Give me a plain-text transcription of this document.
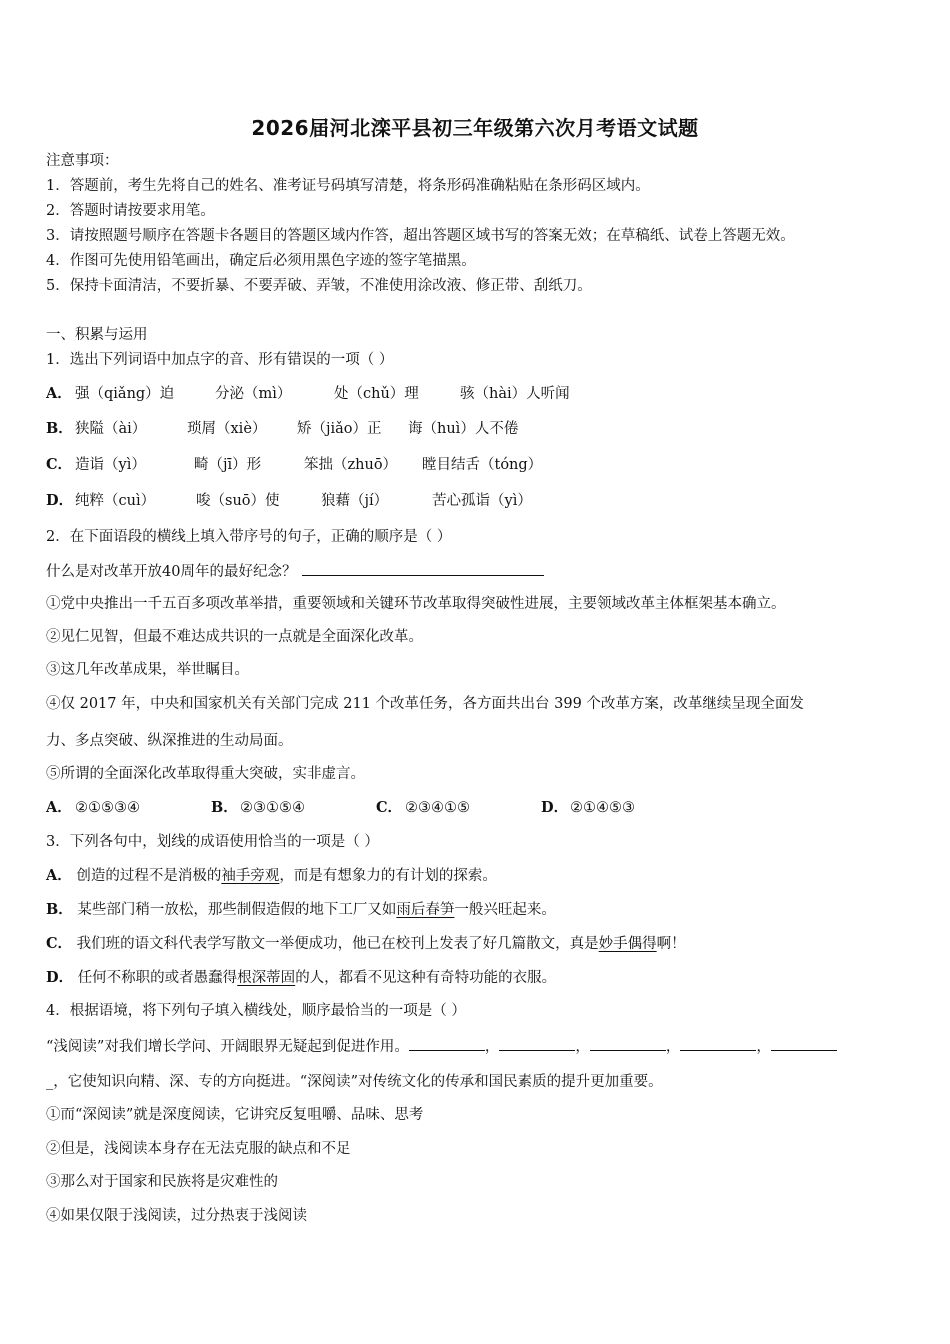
2026届河北滦平县初三年级第六次月考语文试题
注意事项：
1．答题前，考生先将自己的姓名、准考证号码填写清楚，将条形码准确粘贴在条形码区域内。
2．答题时请按要求用笔。
3．请按照题号顺序在答题卡各题目的答题区域内作答，超出答题区域书写的答案无效；在草稿纸、试卷上答题无效。
4．作图可先使用铅笔画出，确定后必须用黑色字迹的签字笔描黑。
5．保持卡面清洁，不要折暴、不要弄破、弄皱，不准使用涂改液、修正带、刮纸刀。
一、积累与运用
1．选出下列词语中加点字的音、形有错误的一项（ ）
A． 强（qiǎng）迫	分泌（mì）	处（chǔ）理	骇（hài）人听闻
B． 狭隘（ài）	琐屑（xiè） 矫（jiǎo）正 诲（huì）人不倦
C． 造诣（yì）	畸（jī）形	笨拙（zhuō） 瞠目结舌（tóng）
D． 纯粹（cuì）	唆（suō）使	狼藉（jí）	苦心孤诣（yì）
2．在下面语段的横线上填入带序号的句子，正确的顺序是（ ）
什么是对改革开放40周年的最好纪念？
①党中央推出一千五百多项改革举措，重要领域和关键环节改革取得突破性进展，主要领域改革主体框架基本确立。
②见仁见智，但最不难达成共识的一点就是全面深化改革。
③这几年改革成果，举世瞩目。
④仅 2017 年，中央和国家机关有关部门完成 211 个改革任务，各方面共出台 399 个改革方案，改革继续呈现全面发
力、多点突破、纵深推进的生动局面。
⑤所谓的全面深化改革取得重大突破，实非虚言。
A． ②①⑤③④	B． ②③①⑤④	C． ②③④①⑤	D． ②①④⑤③
3．下列各句中，划线的成语使用恰当的一项是（ ）
A． 创造的过程不是消极的袖手旁观，而是有想象力的有计划的探索。
B． 某些部门稍一放松，那些制假造假的地下工厂又如雨后春笋一般兴旺起来。
C． 我们班的语文科代表学写散文一举便成功，他已在校刊上发表了好几篇散文，真是妙手偶得啊！
D． 任何不称职的或者愚蠢得根深蒂固的人，都看不见这种有奇特功能的衣服。
4．根据语境，将下列句子填入横线处，顺序最恰当的一项是（ ）
“浅阅读”对我们增长学问、开阔眼界无疑起到促进作用。	，	，	，	，
_，它使知识向精、深、专的方向挺进。“深阅读”对传统文化的传承和国民素质的提升更加重要。
①而“深阅读”就是深度阅读，它讲究反复咀嚼、品味、思考
②但是，浅阅读本身存在无法克服的缺点和不足
③那么对于国家和民族将是灾难性的
④如果仅限于浅阅读，过分热衷于浅阅读
